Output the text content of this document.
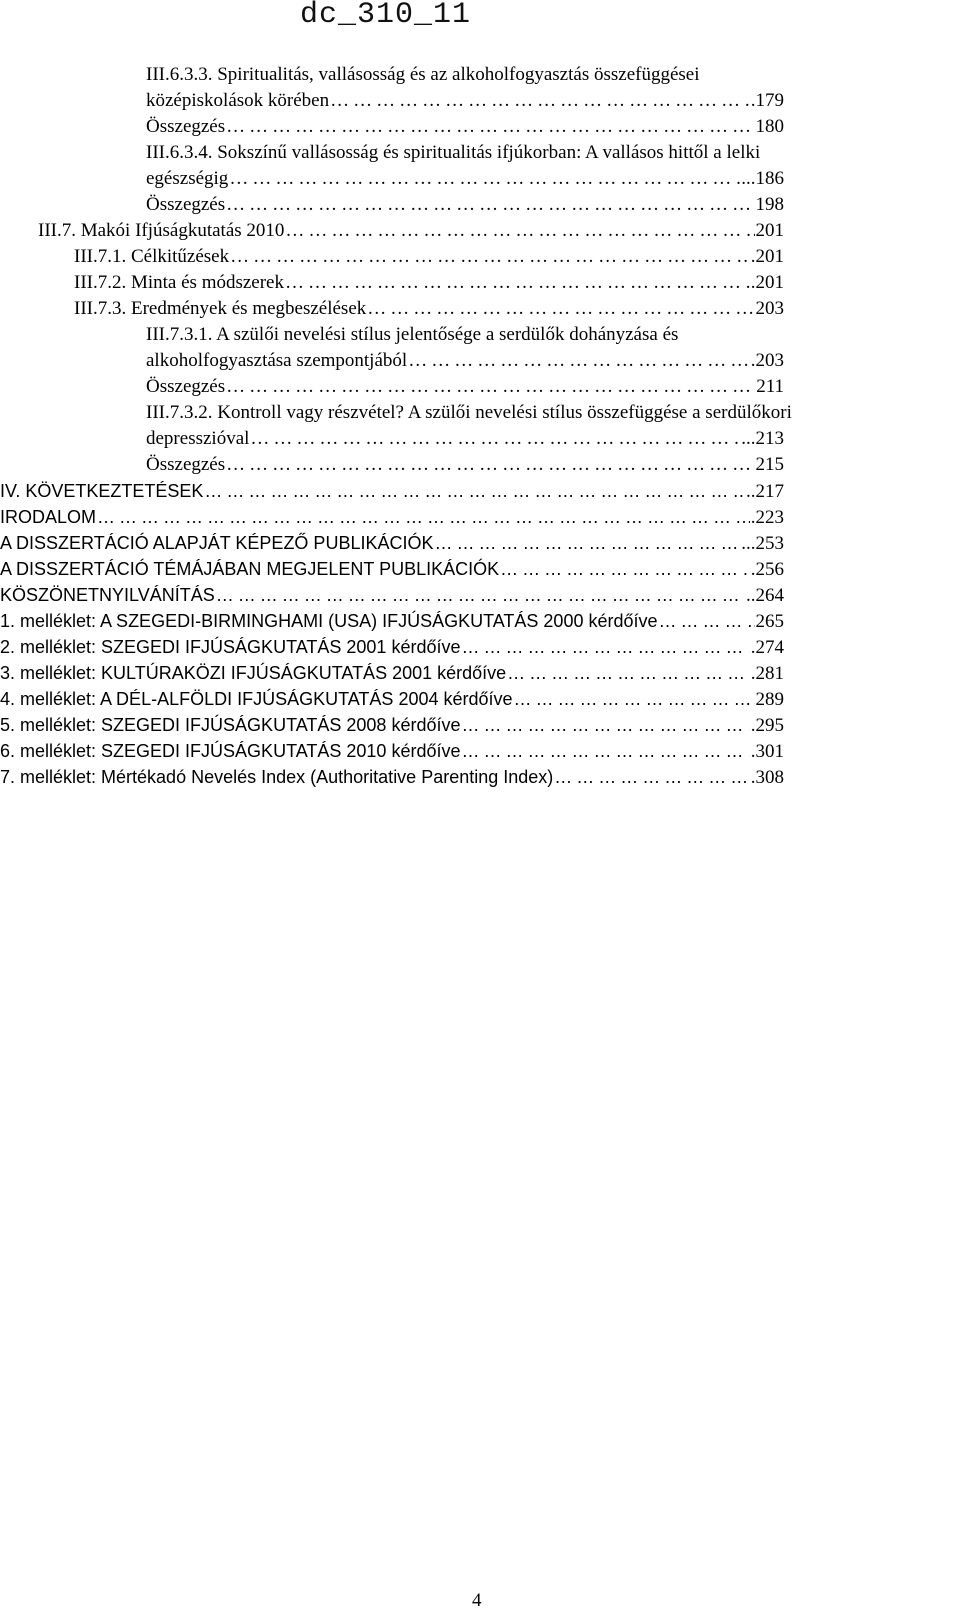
dc_310_11
III.6.3.3. Spiritualitás, vallásosság és az alkoholfogyasztás összefüggései
középiskolások körében ……………………………………………………………………………………………………………………………………………………………………………………	.179
Összegzés ……………………………………………………………………………………………………………………………………………………………………………………	180
III.6.3.4. Sokszínű vallásosság és spiritualitás ifjúkorban: A vallásos hittől a lelki
egészségig ……………………………………………………………………………………………………………………………………………………………………………………	...186
Összegzés ……………………………………………………………………………………………………………………………………………………………………………………	198
III.7. Makói Ifjúságkutatás 2010 ……………………………………………………………………………………………………………………………………………………………………………………	201
III.7.1. Célkitűzések ……………………………………………………………………………………………………………………………………………………………………………………	.201
III.7.2. Minta és módszerek ……………………………………………………………………………………………………………………………………………………………………………………	.201
III.7.3. Eredmények és megbeszélések ……………………………………………………………………………………………………………………………………………………………………………………	203
III.7.3.1. A szülői nevelési stílus jelentősége a serdülők dohányzása és
alkoholfogyasztása szempontjából ……………………………………………………………………………………………………………………………………………………………………………………	.203
Összegzés ……………………………………………………………………………………………………………………………………………………………………………………	211
III.7.3.2. Kontroll vagy részvétel? A szülői nevelési stílus összefüggése a serdülőkori
depresszióval ……………………………………………………………………………………………………………………………………………………………………………………	...213
Összegzés ……………………………………………………………………………………………………………………………………………………………………………………	215
IV. KÖVETKEZTETÉSEK ……………………………………………………………………………………………………………………………………………………………………………………	..217
IRODALOM ……………………………………………………………………………………………………………………………………………………………………………………	.223
A DISSZERTÁCIÓ ALAPJÁT KÉPEZŐ PUBLIKÁCIÓK ……………………………………………………………………………………………………………………………………………………………………………………	...253
A DISSZERTÁCIÓ TÉMÁJÁBAN MEGJELENT PUBLIKÁCIÓK ……………………………………………………………………………………………………………………………………………………………………………………	.256
KÖSZÖNETNYILVÁNÍTÁS ……………………………………………………………………………………………………………………………………………………………………………………	..264
1. melléklet: A SZEGEDI-BIRMINGHAMI (USA) IFJÚSÁGKUTATÁS 2000 kérdőíve ……………………………………………………………………………………………………………………………………………………………………………………	265
2. melléklet: SZEGEDI IFJÚSÁGKUTATÁS 2001 kérdőíve ……………………………………………………………………………………………………………………………………………………………………………………	.274
3. melléklet: KULTÚRAKÖZI IFJÚSÁGKUTATÁS 2001 kérdőíve ……………………………………………………………………………………………………………………………………………………………………………………	.281
4. melléklet: A DÉL-ALFÖLDI IFJÚSÁGKUTATÁS 2004 kérdőíve ……………………………………………………………………………………………………………………………………………………………………………………	289
5. melléklet: SZEGEDI IFJÚSÁGKUTATÁS 2008 kérdőíve ……………………………………………………………………………………………………………………………………………………………………………………	.295
6. melléklet: SZEGEDI IFJÚSÁGKUTATÁS 2010 kérdőíve ……………………………………………………………………………………………………………………………………………………………………………………	.301
7. melléklet: Mértékadó Nevelés Index (Authoritative Parenting Index) ……………………………………………………………………………………………………………………………………………………………………………………	.308
4
